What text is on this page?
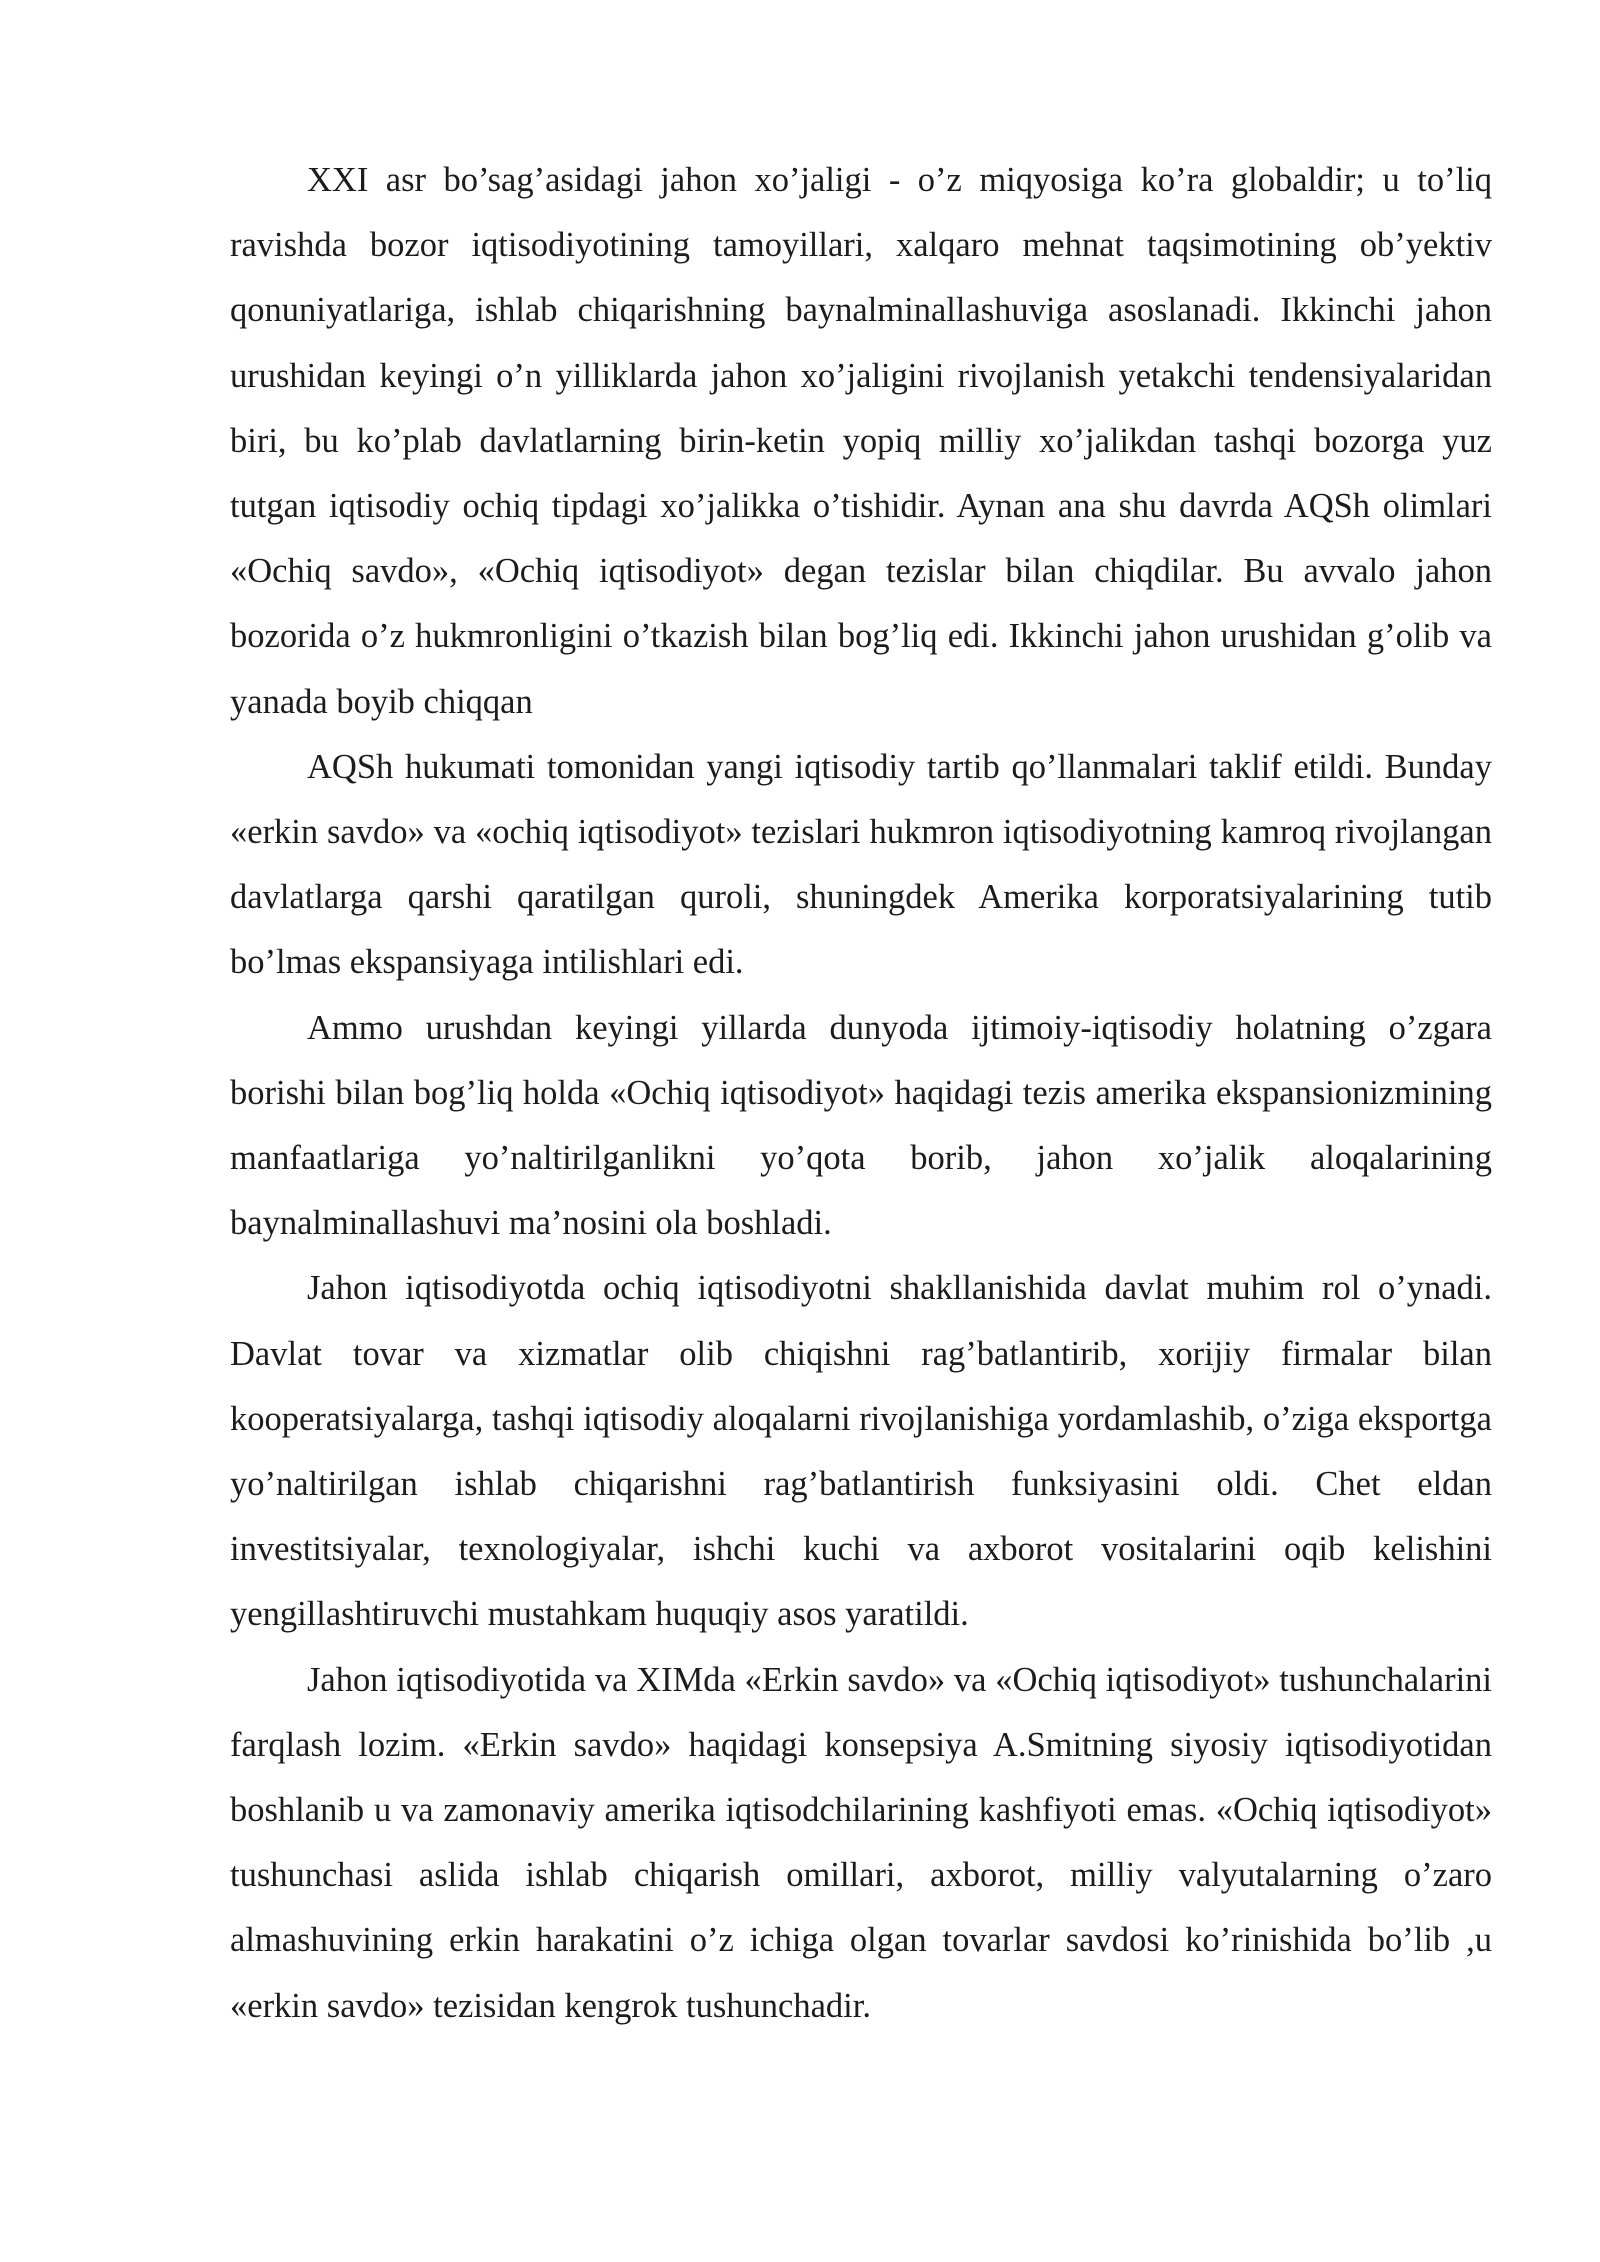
XXI asr bo’sag’asidagi jahon xo’jaligi - o’z miqyosiga ko’ra globaldir; u to’liq ravishda bozor iqtisodiyotining tamoyillari, xalqaro mehnat taqsimotining ob’yektiv qonuniyatlariga, ishlab chiqarishning baynalminallashuviga asoslanadi. Ikkinchi jahon urushidan keyingi o’n yilliklarda jahon xo’jaligini rivojlanish yetakchi tendensiyalaridan biri, bu ko’plab davlatlarning birin-ketin yopiq milliy xo’jalikdan tashqi bozorga yuz tutgan iqtisodiy ochiq tipdagi xo’jalikka o’tishidir. Aynan ana shu davrda AQSh olimlari «Ochiq savdo», «Ochiq iqtisodiyot» degan tezislar bilan chiqdilar. Bu avvalo jahon bozorida o’z hukmronligini o’tkazish bilan bog’liq edi. Ikkinchi jahon urushidan g’olib va yanada boyib chiqqan

AQSh hukumati tomonidan yangi iqtisodiy tartib qo’llanmalari taklif etildi. Bunday «erkin savdo» va «ochiq iqtisodiyot» tezislari hukmron iqtisodiyotning kamroq rivojlangan davlatlarga qarshi qaratilgan quroli, shuningdek Amerika korporatsiyalarining tutib bo’lmas ekspansiyaga intilishlari edi.

Ammo urushdan keyingi yillarda dunyoda ijtimoiy-iqtisodiy holatning o’zgara borishi bilan bog’liq holda «Ochiq iqtisodiyot» haqidagi tezis amerika ekspansionizmining manfaatlariga yo’naltirilganlikni yo’qota borib, jahon xo’jalik aloqalarining baynalminallashuvi ma’nosini ola boshladi.

Jahon iqtisodiyotda ochiq iqtisodiyotni shakllanishida davlat muhim rol o’ynadi. Davlat tovar va xizmatlar olib chiqishni rag’batlantirib, xorijiy firmalar bilan kooperatsiyalarga, tashqi iqtisodiy aloqalarni rivojlanishiga yordamlashib, o’ziga eksportga yo’naltirilgan ishlab chiqarishni rag’batlantirish funksiyasini oldi. Chet eldan investitsiyalar, texnologiyalar, ishchi kuchi va axborot vositalarini oqib kelishini yengillashtiruvchi mustahkam huquqiy asos yaratildi.

Jahon iqtisodiyotida va XIMda «Erkin savdo» va «Ochiq iqtisodiyot» tushunchalarini farqlash lozim. «Erkin savdo» haqidagi konsepsiya A.Smitning siyosiy iqtisodiyotidan boshlanib u va zamonaviy amerika iqtisodchilarining kashfiyoti emas. «Ochiq iqtisodiyot» tushunchasi aslida ishlab chiqarish omillari, axborot, milliy valyutalarning o’zaro almashuvining erkin harakatini o’z ichiga olgan tovarlar savdosi ko’rinishida bo’lib ,u «erkin savdo» tezisidan kengrok tushunchadir.
